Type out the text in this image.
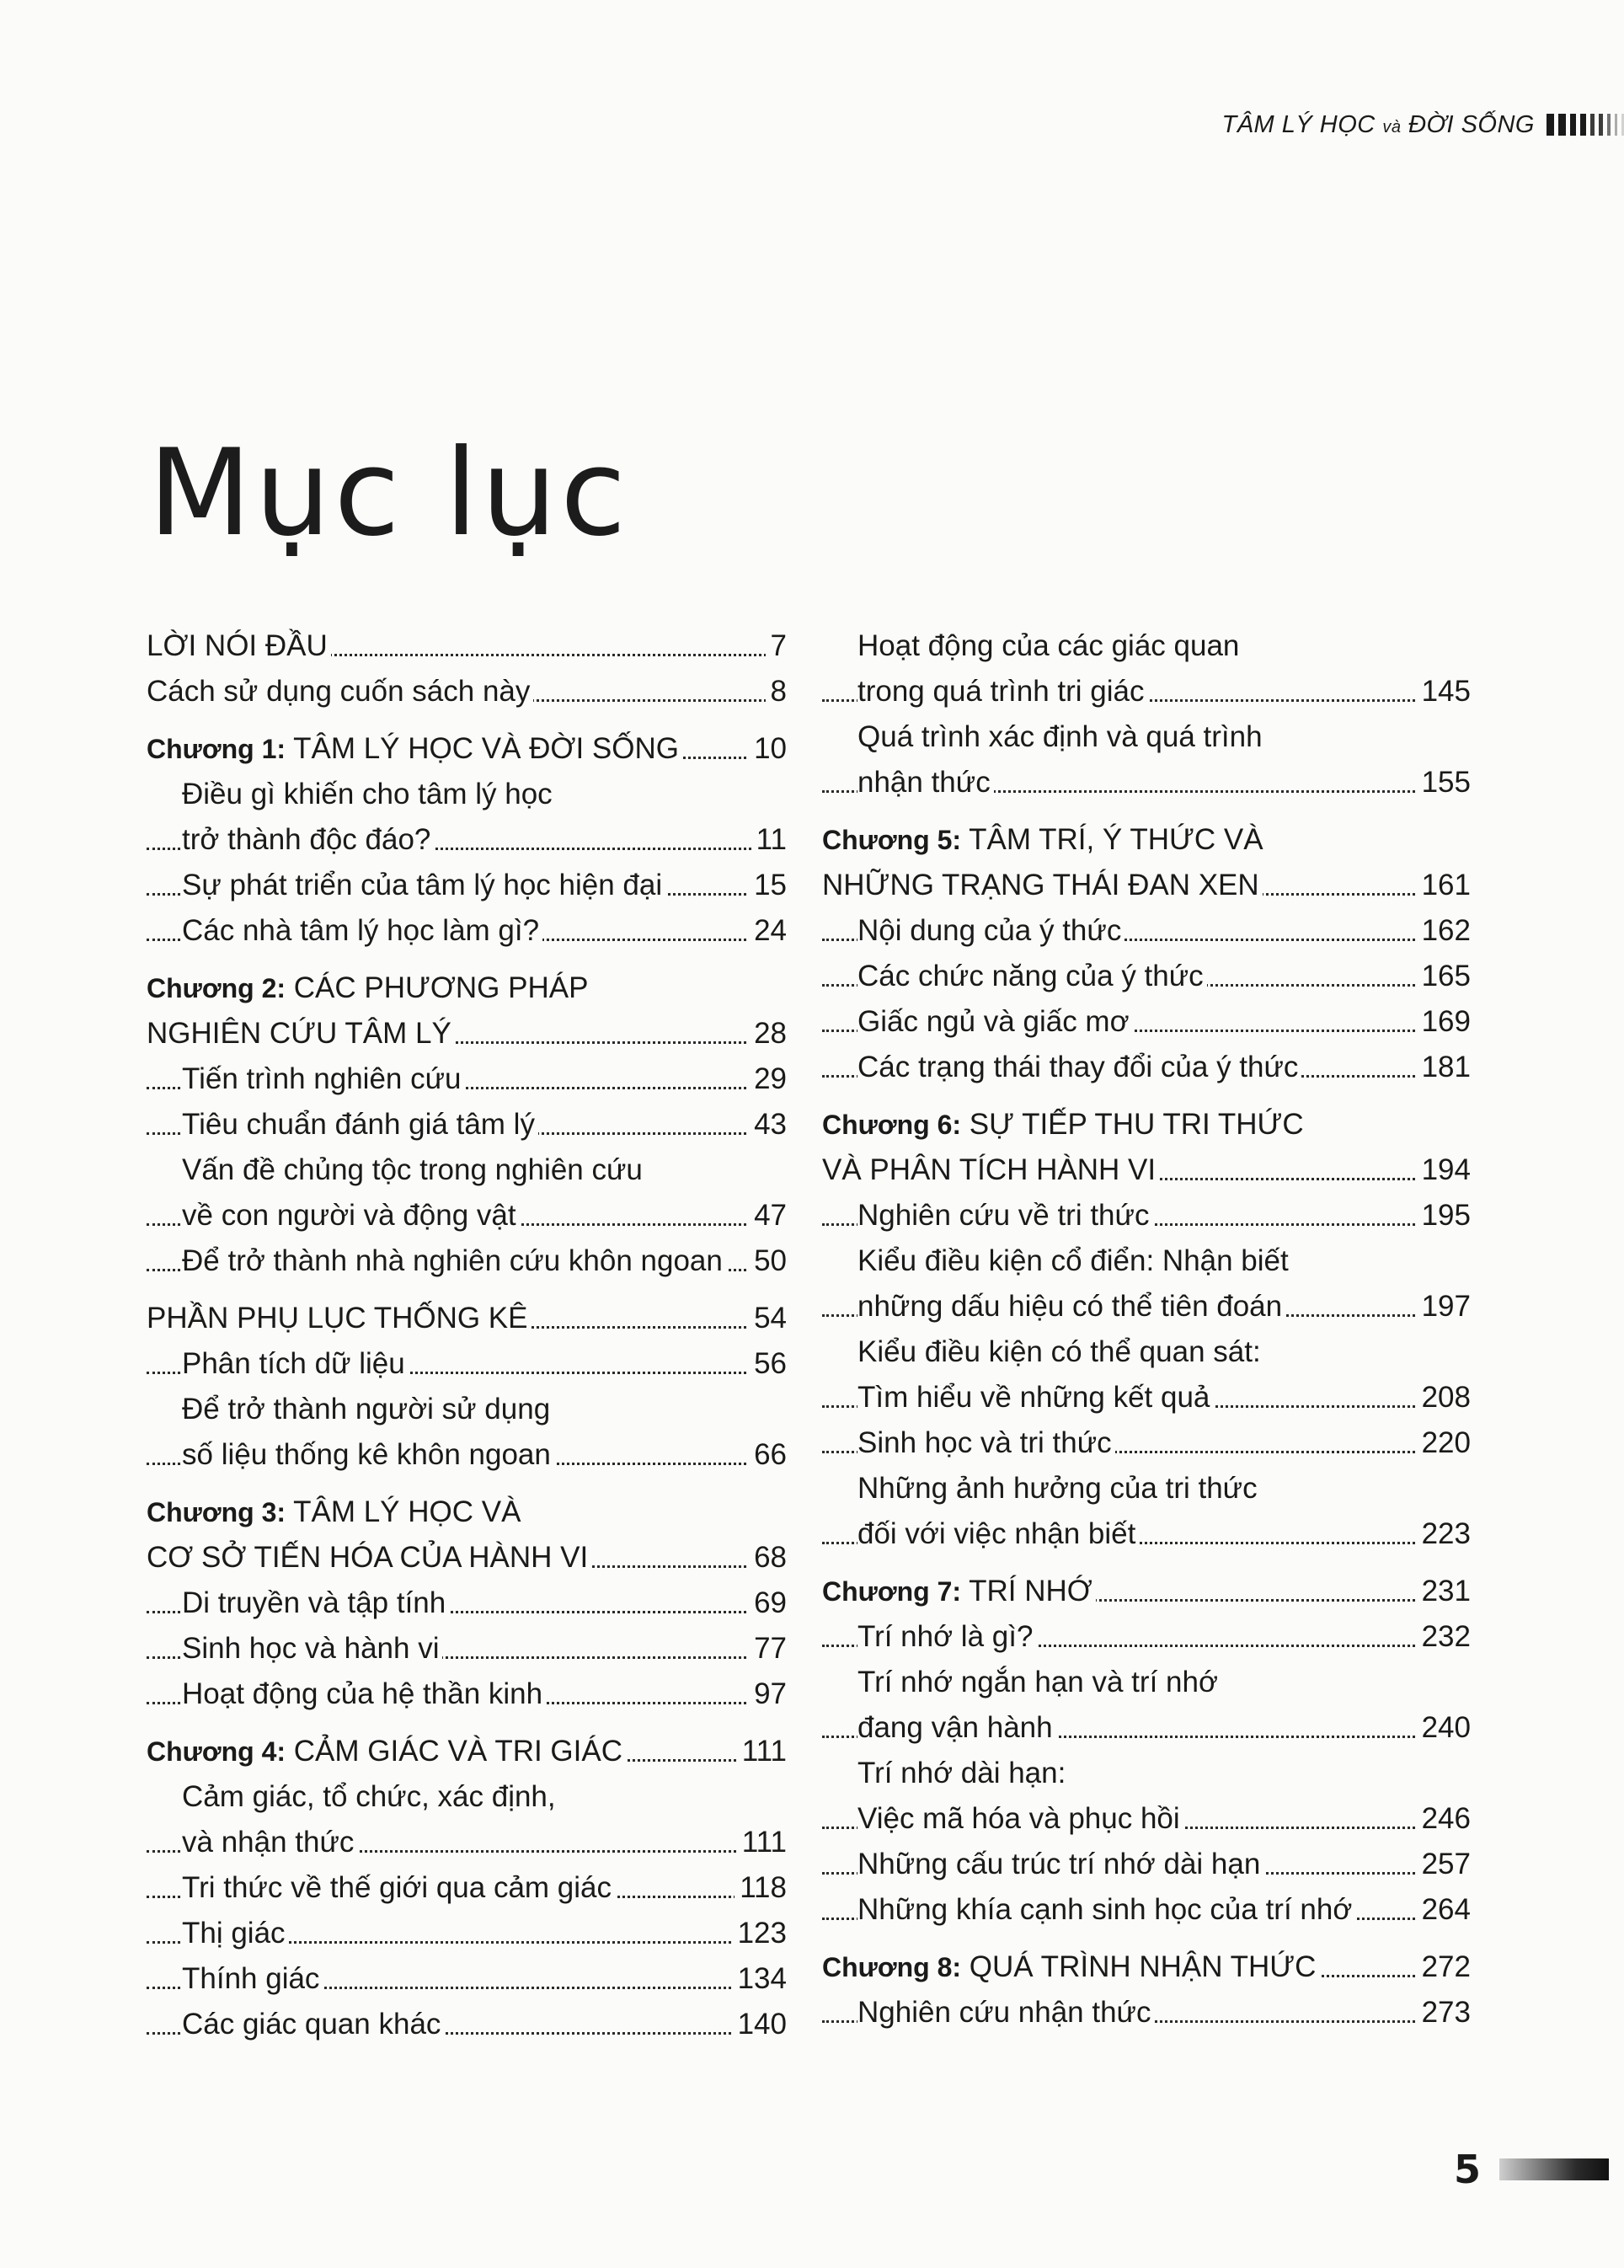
TÂM LÝ HỌC và ĐỜI SỐNG
Mục lục
LỜI NÓI ĐẦU	7
Cách sử dụng cuốn sách này	8
Chương 1: TÂM LÝ HỌC VÀ ĐỜI SỐNG	10
Điều gì khiến cho tâm lý học
trở thành độc đáo?	11
Sự phát triển của tâm lý học hiện đại	15
Các nhà tâm lý học làm gì?	24
Chương 2: CÁC PHƯƠNG PHÁP
NGHIÊN CỨU TÂM LÝ	28
Tiến trình nghiên cứu	29
Tiêu chuẩn đánh giá tâm lý	43
Vấn đề chủng tộc trong nghiên cứu
về con người và động vật	47
Để trở thành nhà nghiên cứu khôn ngoan 50
PHẦN PHỤ LỤC THỐNG KÊ	54
Phân tích dữ liệu	56
Để trở thành người sử dụng
số liệu thống kê khôn ngoan	66
Chương 3: TÂM LÝ HỌC VÀ
CƠ SỞ TIẾN HÓA CỦA HÀNH VI	68
Di truyền và tập tính	69
Sinh học và hành vi	77
Hoạt động của hệ thần kinh	97
Chương 4: CẢM GIÁC VÀ TRI GIÁC	111
Cảm giác, tổ chức, xác định,
và nhận thức	111
Tri thức về thế giới qua cảm giác	118
Thị giác	123
Thính giác	134
Các giác quan khác	140
Hoạt động của các giác quan
trong quá trình tri giác	145
Quá trình xác định và quá trình
nhận thức	155
Chương 5: TÂM TRÍ, Ý THỨC VÀ
NHỮNG TRẠNG THÁI ĐAN XEN	161
Nội dung của ý thức	162
Các chức năng của ý thức	165
Giấc ngủ và giấc mơ	169
Các trạng thái thay đổi của ý thức	181
Chương 6: SỰ TIẾP THU TRI THỨC
VÀ PHÂN TÍCH HÀNH VI	194
Nghiên cứu về tri thức	195
Kiểu điều kiện cổ điển: Nhận biết
những dấu hiệu có thể tiên đoán	197
Kiểu điều kiện có thể quan sát:
Tìm hiểu về những kết quả	208
Sinh học và tri thức	220
Những ảnh hưởng của tri thức
đối với việc nhận biết	223
Chương 7: TRÍ NHỚ	231
Trí nhớ là gì?	232
Trí nhớ ngắn hạn và trí nhớ
đang vận hành	240
Trí nhớ dài hạn:
Việc mã hóa và phục hồi	246
Những cấu trúc trí nhớ dài hạn	257
Những khía cạnh sinh học của trí nhớ 264
Chương 8: QUÁ TRÌNH NHẬN THỨC	272
Nghiên cứu nhận thức	273
5
